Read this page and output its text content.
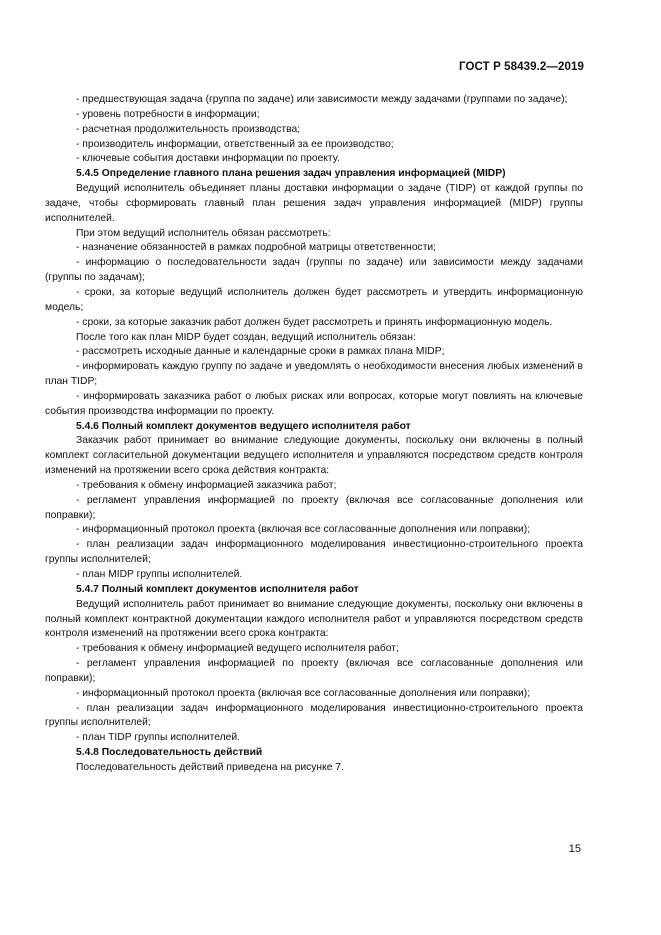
ГОСТ Р 58439.2—2019

- предшествующая задача (группа по задаче) или зависимости между задачами (группами по задаче);

- уровень потребности в информации;

- расчетная продолжительность производства;

- производитель информации, ответственный за ее производство;

- ключевые события доставки информации по проекту.

5.4.5 Определение главного плана решения задач управления информацией (MIDP)

Ведущий исполнитель объединяет планы доставки информации о задаче (TIDP) от каждой группы по задаче, чтобы сформировать главный план решения задач управления информацией (MIDP) группы исполнителей.

При этом ведущий исполнитель обязан рассмотреть:

- назначение обязанностей в рамках подробной матрицы ответственности;

- информацию о последовательности задач (группы по задаче) или зависимости между задачами (группы по задачам);

- сроки, за которые ведущий исполнитель должен будет рассмотреть и утвердить информационную модель;

- сроки, за которые заказчик работ должен будет рассмотреть и принять информационную модель.

После того как план MIDP будет создан, ведущий исполнитель обязан:

- рассмотреть исходные данные и календарные сроки в рамках плана MIDP;

- информировать каждую группу по задаче и уведомлять о необходимости внесения любых изменений в план TIDP;

- информировать заказчика работ о любых рисках или вопросах, которые могут повлиять на ключевые события производства информации по проекту.

5.4.6 Полный комплект документов ведущего исполнителя работ

Заказчик работ принимает во внимание следующие документы, поскольку они включены в полный комплект согласительной документации ведущего исполнителя и управляются посредством средств контроля изменений на протяжении всего срока действия контракта:

- требования к обмену информацией заказчика работ;

- регламент управления информацией по проекту (включая все согласованные дополнения или поправки);

- информационный протокол проекта (включая все согласованные дополнения или поправки);

- план реализации задач информационного моделирования инвестиционно-строительного проекта группы исполнителей;

- план MIDP группы исполнителей.

5.4.7 Полный комплект документов исполнителя работ

Ведущий исполнитель работ принимает во внимание следующие документы, поскольку они включены в полный комплект контрактной документации каждого исполнителя работ и управляются посредством средств контроля изменений на протяжении всего срока контракта:

- требования к обмену информацией ведущего исполнителя работ;

- регламент управления информацией по проекту (включая все согласованные дополнения или поправки);

- информационный протокол проекта (включая все согласованные дополнения или поправки);

- план реализации задач информационного моделирования инвестиционно-строительного проекта группы исполнителей;

- план TIDP группы исполнителей.

5.4.8 Последовательность действий

Последовательность действий приведена на рисунке 7.

15
